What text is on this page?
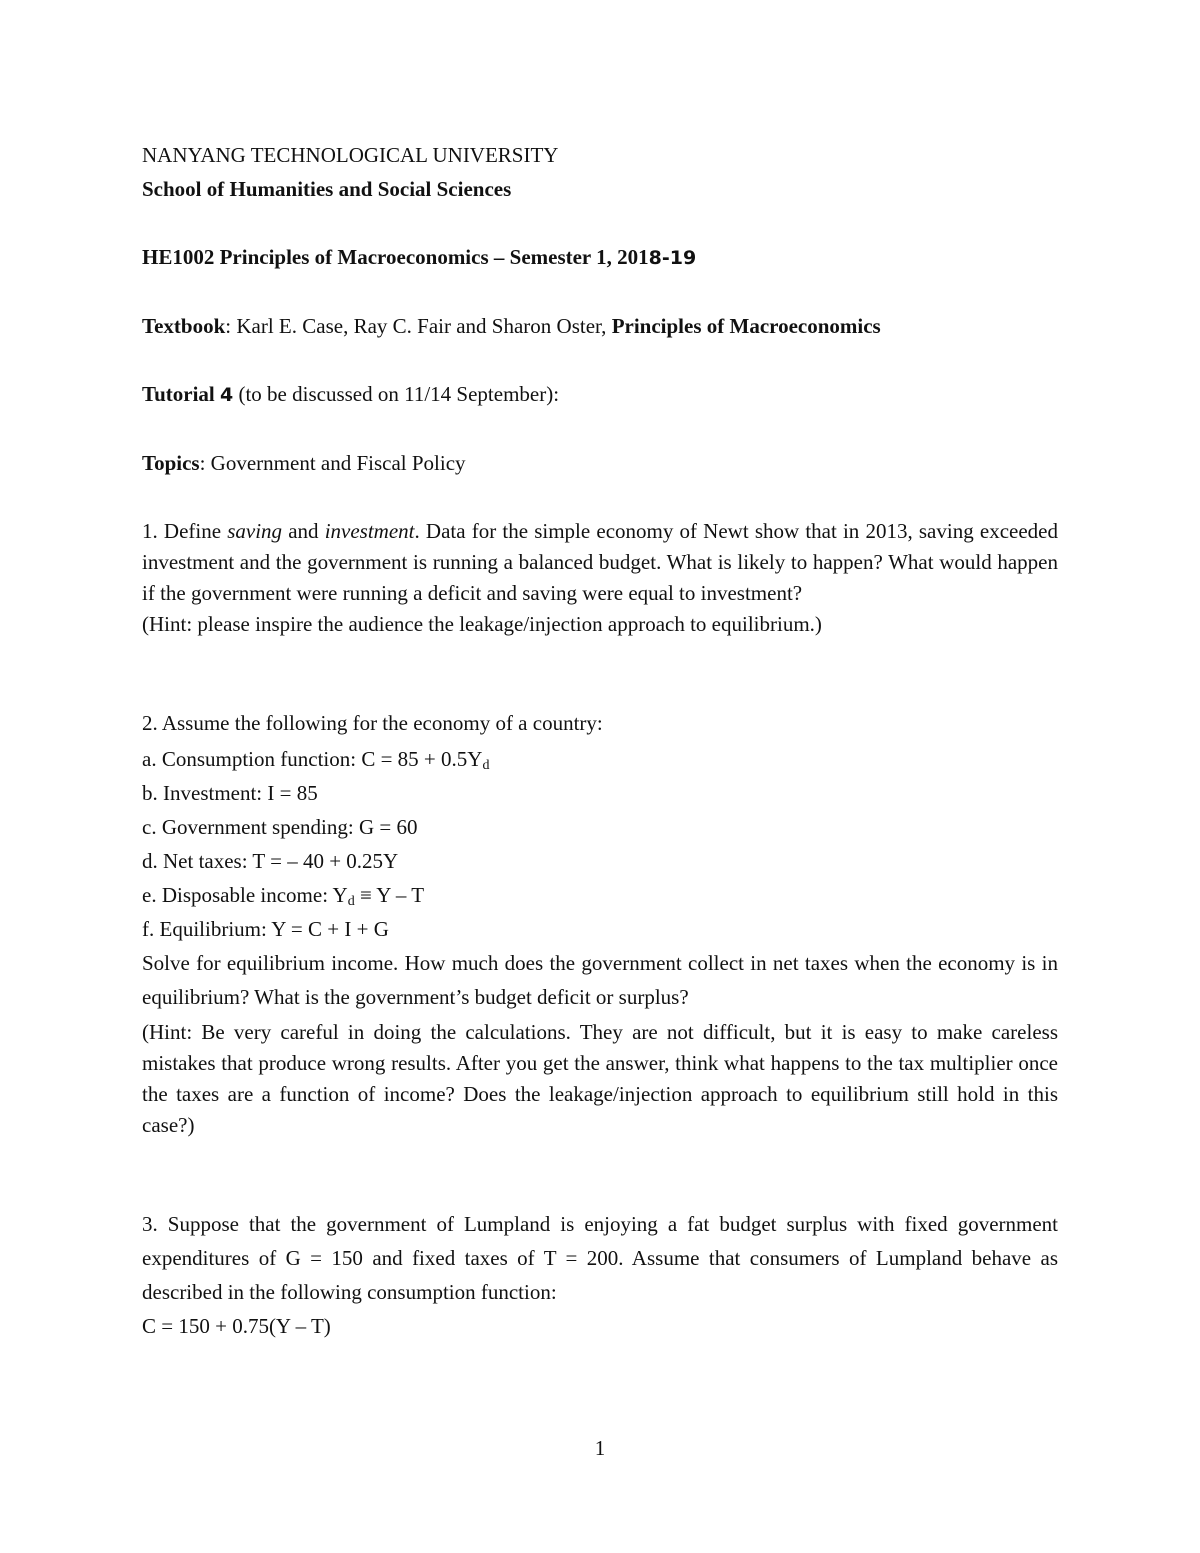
NANYANG TECHNOLOGICAL UNIVERSITY
School of Humanities and Social Sciences
HE1002 Principles of Macroeconomics – Semester 1, 2018-19
Textbook: Karl E. Case, Ray C. Fair and Sharon Oster, Principles of Macroeconomics
Tutorial 4 (to be discussed on 11/14 September):
Topics: Government and Fiscal Policy
1. Define saving and investment. Data for the simple economy of Newt show that in 2013, saving exceeded investment and the government is running a balanced budget. What is likely to happen? What would happen if the government were running a deficit and saving were equal to investment?
(Hint: please inspire the audience the leakage/injection approach to equilibrium.)
2. Assume the following for the economy of a country:
a. Consumption function: $C = 85 + 0.5Y_d$
b. Investment: I = 85
c. Government spending: G = 60
d. Net taxes: T = – 40 + 0.25Y
e. Disposable income: $Y_d \equiv Y - T$
f. Equilibrium: Y = C + I + G
Solve for equilibrium income. How much does the government collect in net taxes when the economy is in equilibrium? What is the government’s budget deficit or surplus?
(Hint: Be very careful in doing the calculations. They are not difficult, but it is easy to make careless mistakes that produce wrong results. After you get the answer, think what happens to the tax multiplier once the taxes are a function of income? Does the leakage/injection approach to equilibrium still hold in this case?)
3. Suppose that the government of Lumpland is enjoying a fat budget surplus with fixed government expenditures of G = 150 and fixed taxes of T = 200. Assume that consumers of Lumpland behave as described in the following consumption function:
C = 150 + 0.75(Y – T)
1
